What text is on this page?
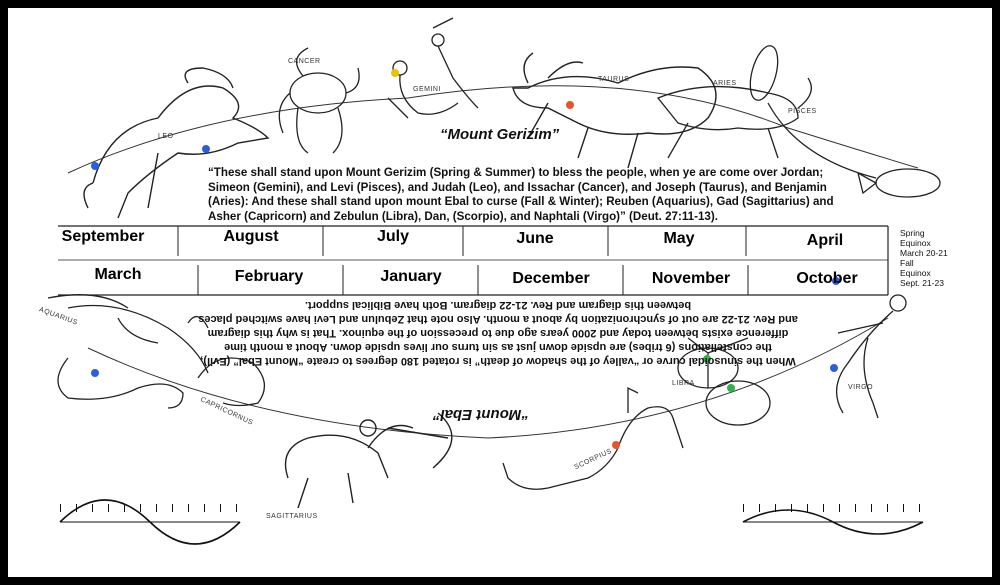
“Mount Gerizim”
“These shall stand upon Mount Gerizim (Spring & Summer) to bless the people, when ye are come over Jordan; Simeon (Gemini), and Levi (Pisces), and Judah (Leo), and Issachar (Cancer), and Joseph (Taurus), and Benjamin (Aries): And these shall stand upon mount Ebal to curse (Fall & Winter); Reuben (Aquarius), Gad (Sagittarius) and Asher (Capricorn) and Zebulun (Libra), Dan, (Scorpio), and Naphtali (Virgo)” (Deut. 27:11-13).
September	August	July	June	May	April
March	February	January	December	November	October
Spring
Equinox
March 20-21
Fall
Equinox
Sept. 21-23
When the sinusoidal curve or “valley of the shadow of death” is rotated 180 degrees to create “Mount Ebal” (Evil), the constellations (6 tribes) are upside down just as sin turns our lives upside down. About a month time difference exists between today and 2000 years ago due to precession of the equinox. That is why this diagram and Rev. 21-22 are out of synchronization by about a month. Also note that Zebulun and Levi have switched places between this diagram and Rev. 21-22 diagram. Both have Biblical support.
“Mount Ebal”
LEO
CANCER
GEMINI
TAURUS
ARIES
PISCES
AQUARIUS
CAPRICORNUS
SAGITTARIUS
SCORPIUS
LIBRA
VIRGO
